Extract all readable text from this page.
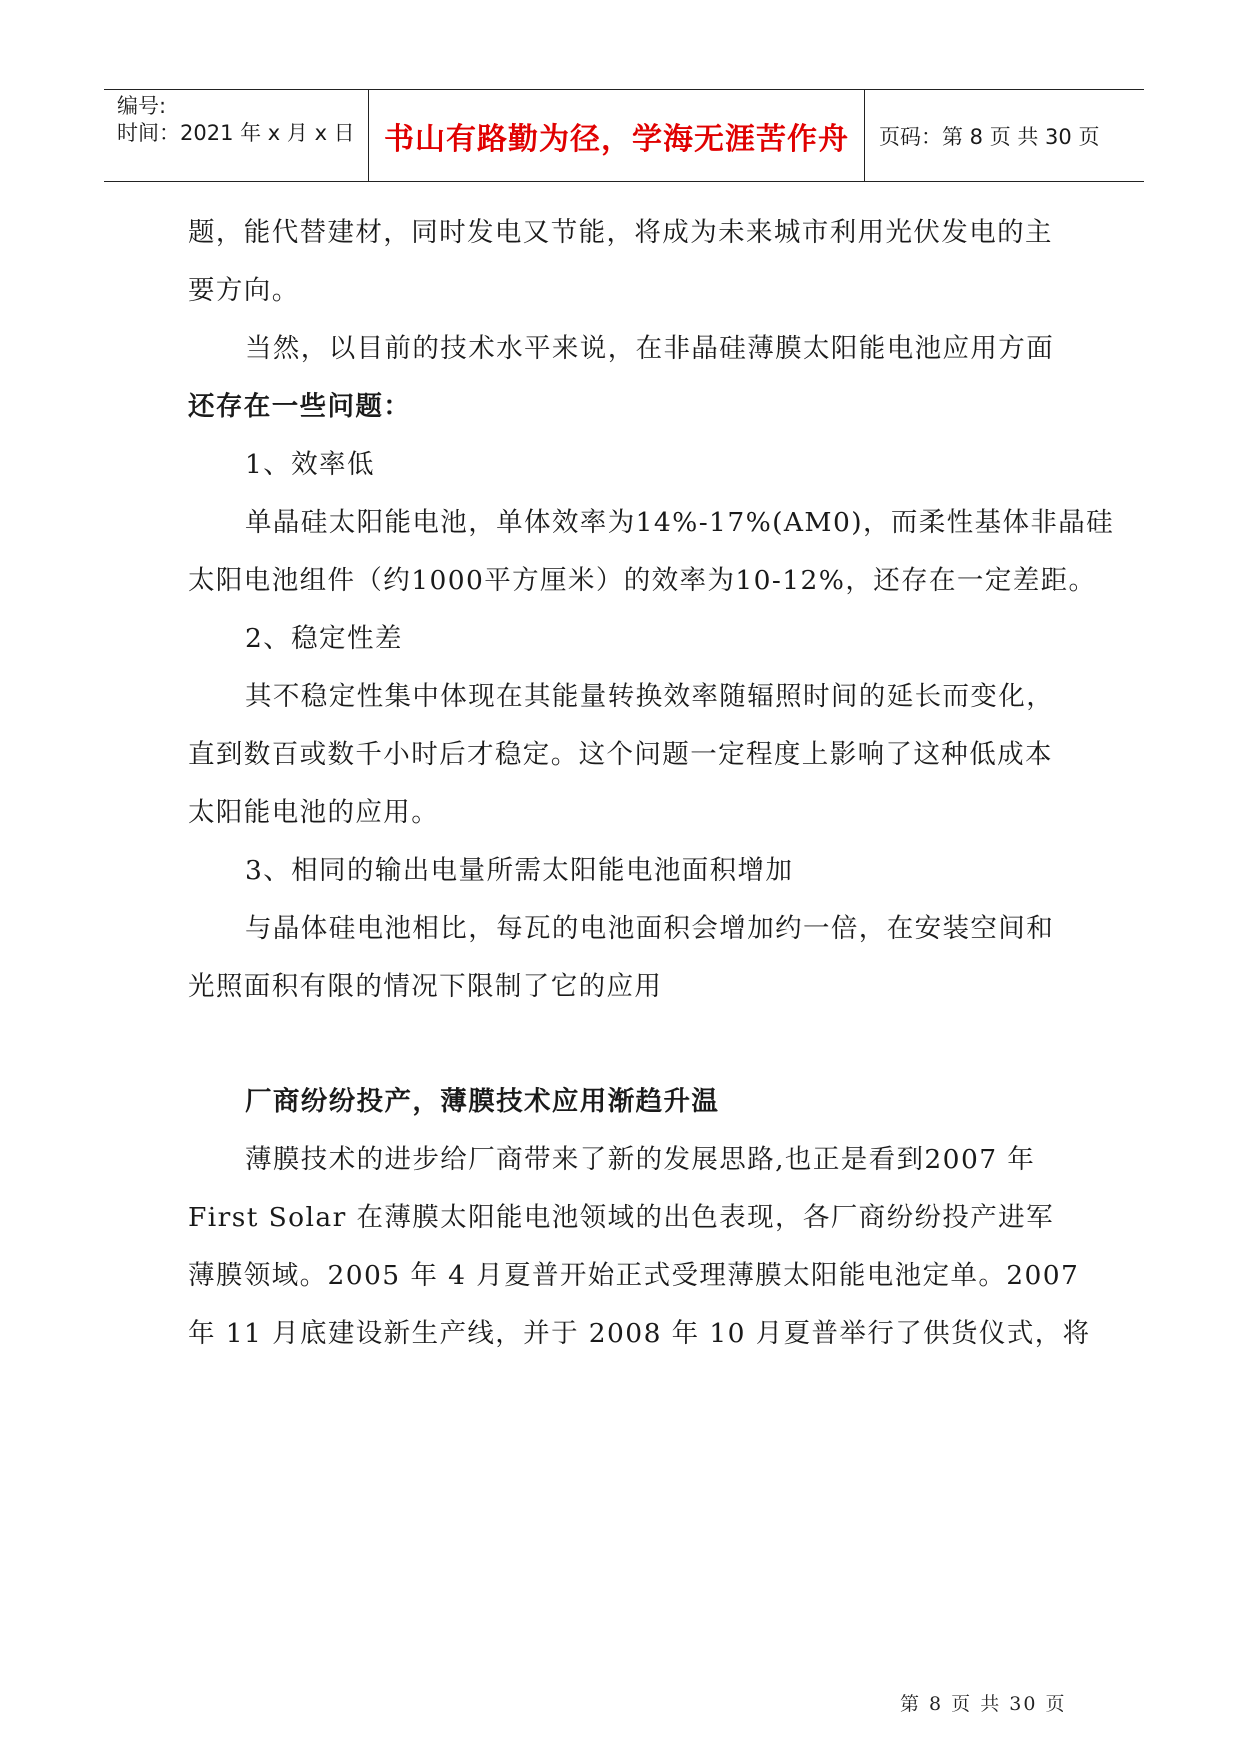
编号:
时间：2021 年 x 月 x 日 书山有路勤为径，学海无涯苦作舟	页码：第 8 页 共 30 页
题，能代替建材，同时发电又节能，将成为未来城市利用光伏发电的主
要方向。
当然，以目前的技术水平来说，在非晶硅薄膜太阳能电池应用方面
还存在一些问题：
1、效率低
单晶硅太阳能电池，单体效率为14%-17%(AM0)，而柔性基体非晶硅
太阳电池组件（约1000平方厘米）的效率为10-12%，还存在一定差距。
2、稳定性差
其不稳定性集中体现在其能量转换效率随辐照时间的延长而变化，
直到数百或数千小时后才稳定。这个问题一定程度上影响了这种低成本
太阳能电池的应用。
3、相同的输出电量所需太阳能电池面积增加
与晶体硅电池相比，每瓦的电池面积会增加约一倍，在安装空间和
光照面积有限的情况下限制了它的应用
厂商纷纷投产，薄膜技术应用渐趋升温
薄膜技术的进步给厂商带来了新的发展思路,也正是看到2007 年
First Solar 在薄膜太阳能电池领域的出色表现，各厂商纷纷投产进军
薄膜领域。2005 年 4 月夏普开始正式受理薄膜太阳能电池定单。2007
年 11 月底建设新生产线，并于 2008 年 10 月夏普举行了供货仪式，将
第 8 页 共 30 页
